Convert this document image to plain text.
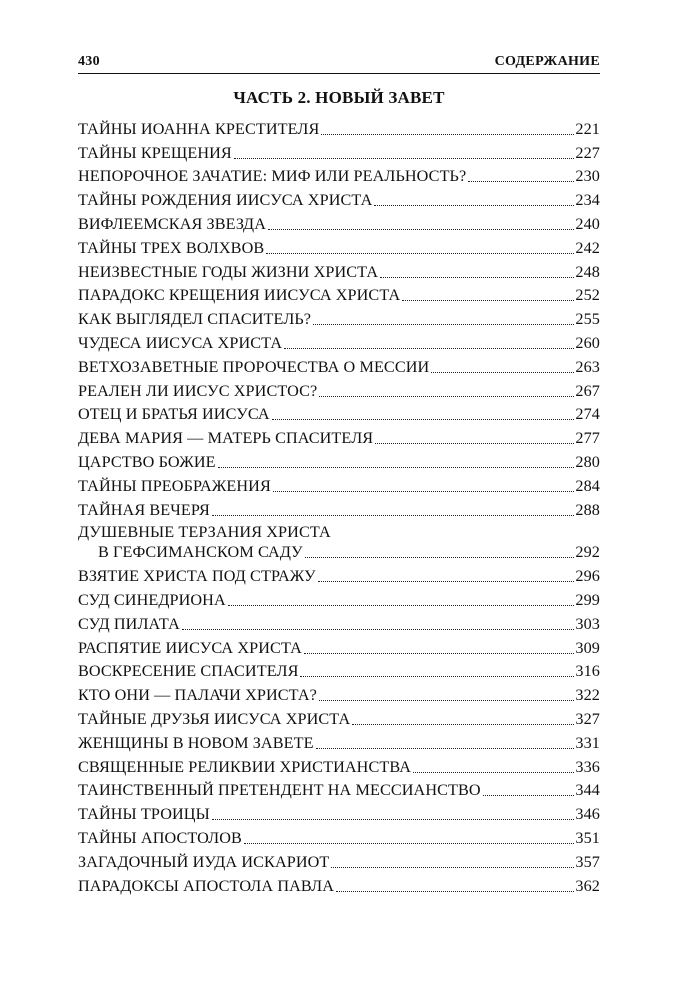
430	СОДЕРЖАНИЕ
ЧАСТЬ 2. НОВЫЙ ЗАВЕТ
ТАЙНЫ ИОАННА КРЕСТИТЕЛЯ	221
ТАЙНЫ КРЕЩЕНИЯ	227
НЕПОРОЧНОЕ ЗАЧАТИЕ: МИФ ИЛИ РЕАЛЬНОСТЬ?	230
ТАЙНЫ РОЖДЕНИЯ ИИСУСА ХРИСТА	234
ВИФЛЕЕМСКАЯ ЗВЕЗДА	240
ТАЙНЫ ТРЕХ ВОЛХВОВ	242
НЕИЗВЕСТНЫЕ ГОДЫ ЖИЗНИ ХРИСТА	248
ПАРАДОКС КРЕЩЕНИЯ ИИСУСА ХРИСТА	252
КАК ВЫГЛЯДЕЛ СПАСИТЕЛЬ?	255
ЧУДЕСА ИИСУСА ХРИСТА	260
ВЕТХОЗАВЕТНЫЕ ПРОРОЧЕСТВА О МЕССИИ	263
РЕАЛЕН ЛИ ИИСУС ХРИСТОС?	267
ОТЕЦ И БРАТЬЯ ИИСУСА	274
ДЕВА МАРИЯ — МАТЕРЬ СПАСИТЕЛЯ	277
ЦАРСТВО БОЖИЕ	280
ТАЙНЫ ПРЕОБРАЖЕНИЯ	284
ТАЙНАЯ ВЕЧЕРЯ	288
ДУШЕВНЫЕ ТЕРЗАНИЯ ХРИСТА
В ГЕФСИМАНСКОМ САДУ	292
ВЗЯТИЕ ХРИСТА ПОД СТРАЖУ	296
СУД СИНЕДРИОНА	299
СУД ПИЛАТА	303
РАСПЯТИЕ ИИСУСА ХРИСТА	309
ВОСКРЕСЕНИЕ СПАСИТЕЛЯ	316
КТО ОНИ — ПАЛАЧИ ХРИСТА?	322
ТАЙНЫЕ ДРУЗЬЯ ИИСУСА ХРИСТА	327
ЖЕНЩИНЫ В НОВОМ ЗАВЕТЕ	331
СВЯЩЕННЫЕ РЕЛИКВИИ ХРИСТИАНСТВА	336
ТАИНСТВЕННЫЙ ПРЕТЕНДЕНТ НА МЕССИАНСТВО	344
ТАЙНЫ ТРОИЦЫ	346
ТАЙНЫ АПОСТОЛОВ	351
ЗАГАДОЧНЫЙ ИУДА ИСКАРИОТ	357
ПАРАДОКСЫ АПОСТОЛА ПАВЛА	362
